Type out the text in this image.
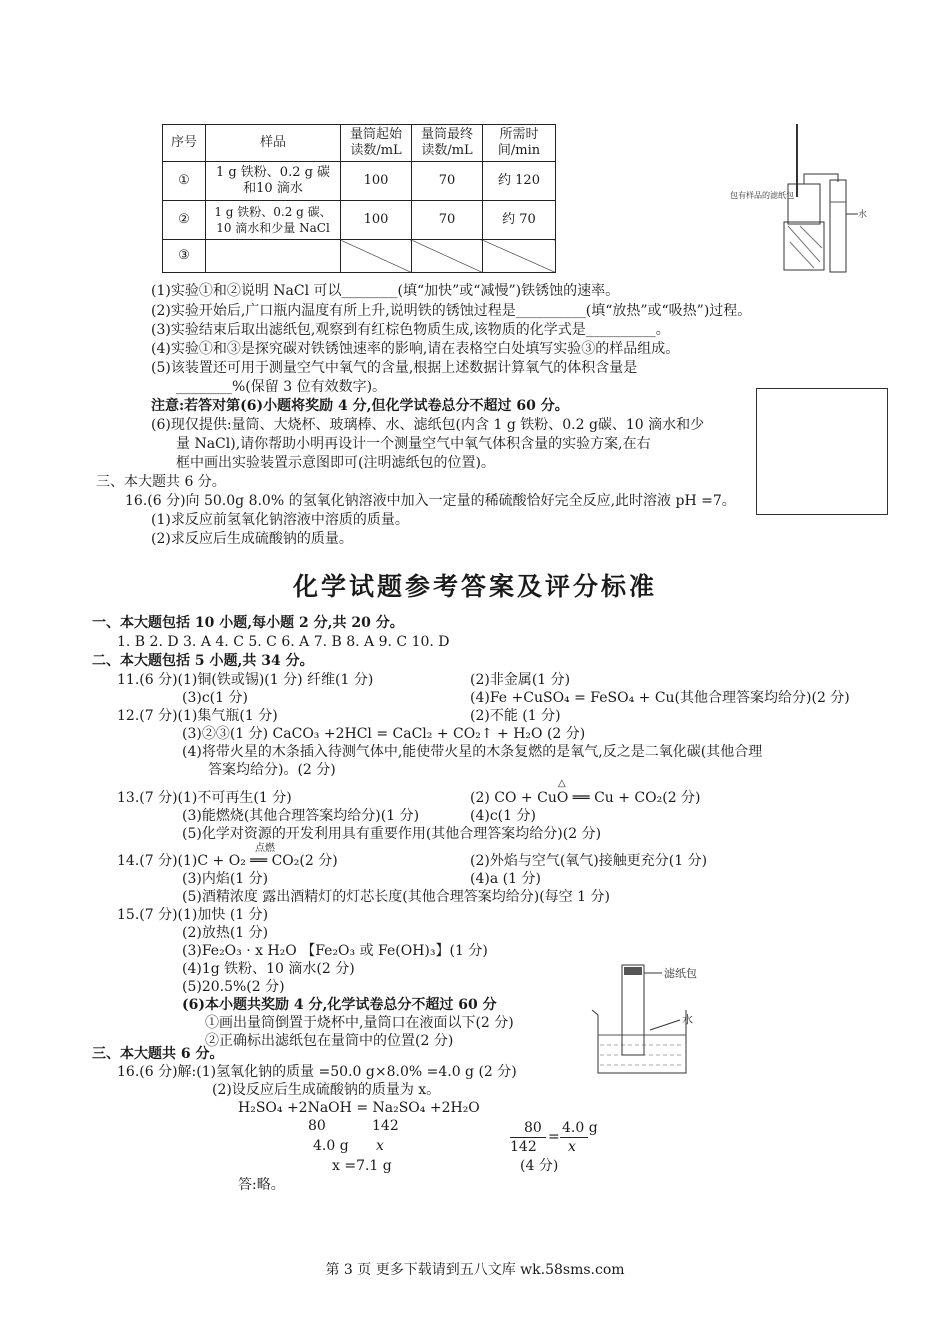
序号	样品	量筒起始读数/mL	量筒最终读数/mL	所需时间/min
①	1 g 铁粉、0.2 g 碳和10 滴水	100	70	约 120
②	1 g 铁粉、0.2 g 碳、10 滴水和少量 NaCl	100	70	约 70
③				
包有样品的滤纸包
水
(1)实验①和②说明 NaCl 可以________(填“加快”或“减慢”)铁锈蚀的速率。
(2)实验开始后,广口瓶内温度有所上升,说明铁的锈蚀过程是__________(填“放热”或“吸热”)过程。
(3)实验结束后取出滤纸包,观察到有红棕色物质生成,该物质的化学式是__________。
(4)实验①和③是探究碳对铁锈蚀速率的影响,请在表格空白处填写实验③的样品组成。
(5)该装置还可用于测量空气中氧气的含量,根据上述数据计算氧气的体积含量是
________%(保留 3 位有效数字)。
注意:若答对第(6)小题将奖励 4 分,但化学试卷总分不超过 60 分。
(6)现仅提供:量筒、大烧杯、玻璃棒、水、滤纸包(内含 1 g 铁粉、0.2 g碳、10 滴水和少
量 NaCl),请你帮助小明再设计一个测量空气中氧气体积含量的实验方案,在右
框中画出实验装置示意图即可(注明滤纸包的位置)。
三、本大题共 6 分。
16.(6 分)向 50.0g 8.0% 的氢氧化钠溶液中加入一定量的稀硫酸恰好完全反应,此时溶液 pH =7。
(1)求反应前氢氧化钠溶液中溶质的质量。
(2)求反应后生成硫酸钠的质量。
化学试题参考答案及评分标准
一、本大题包括 10 小题,每小题 2 分,共 20 分。
1. B 2. D 3. A 4. C 5. C 6. A 7. B 8. A 9. C 10. D
二、本大题包括 5 小题,共 34 分。
11.(6 分)(1)铜(铁或锡)(1 分) 纤维(1 分)	(2)非金属(1 分)
(3)c(1 分)	(4)Fe +CuSO₄ = FeSO₄ + Cu(其他合理答案均给分)(2 分)
12.(7 分)(1)集气瓶(1 分)	(2)不能 (1 分)
(3)②③(1 分) CaCO₃ +2HCl = CaCl₂ + CO₂↑ + H₂O (2 分)
(4)将带火星的木条插入待测气体中,能使带火星的木条复燃的是氧气,反之是二氧化碳(其他合理
答案均给分)。(2 分)
13.(7 分)(1)不可再生(1 分)
△
(2) CO + CuO ══ Cu + CO₂(2 分)
(3)能燃烧(其他合理答案均给分)(1 分)	(4)c(1 分)
(5)化学对资源的开发利用具有重要作用(其他合理答案均给分)(2 分)
点燃
14.(7 分)(1)C + O₂ ══ CO₂(2 分)	(2)外焰与空气(氧气)接触更充分(1 分)
(3)内焰(1 分)	(4)a (1 分)
(5)酒精浓度 露出酒精灯的灯芯长度(其他合理答案均给分)(每空 1 分)
15.(7 分)(1)加快 (1 分)
(2)放热(1 分)
(3)Fe₂O₃ · x H₂O 【Fe₂O₃ 或 Fe(OH)₃】(1 分)
(4)1g 铁粉、10 滴水(2 分)
(5)20.5%(2 分)
(6)本小题共奖励 4 分,化学试卷总分不超过 60 分
①画出量筒倒置于烧杯中,量筒口在液面以下(2 分)
②正确标出滤纸包在量筒中的位置(2 分)
滤纸包
水
三、本大题共 6 分。
16.(6 分)解:(1)氢氧化钠的质量 =50.0 g×8.0% =4.0 g (2 分)
(2)设反应后生成硫酸钠的质量为 x。
H₂SO₄ +2NaOH = Na₂SO₄ +2H₂O
80	142
4.0 g x
x =7.1 g
80
142
=
4.0 g
x
(4 分)
答:略。
第 3 页 更多下载请到五八文库 wk.58sms.com
